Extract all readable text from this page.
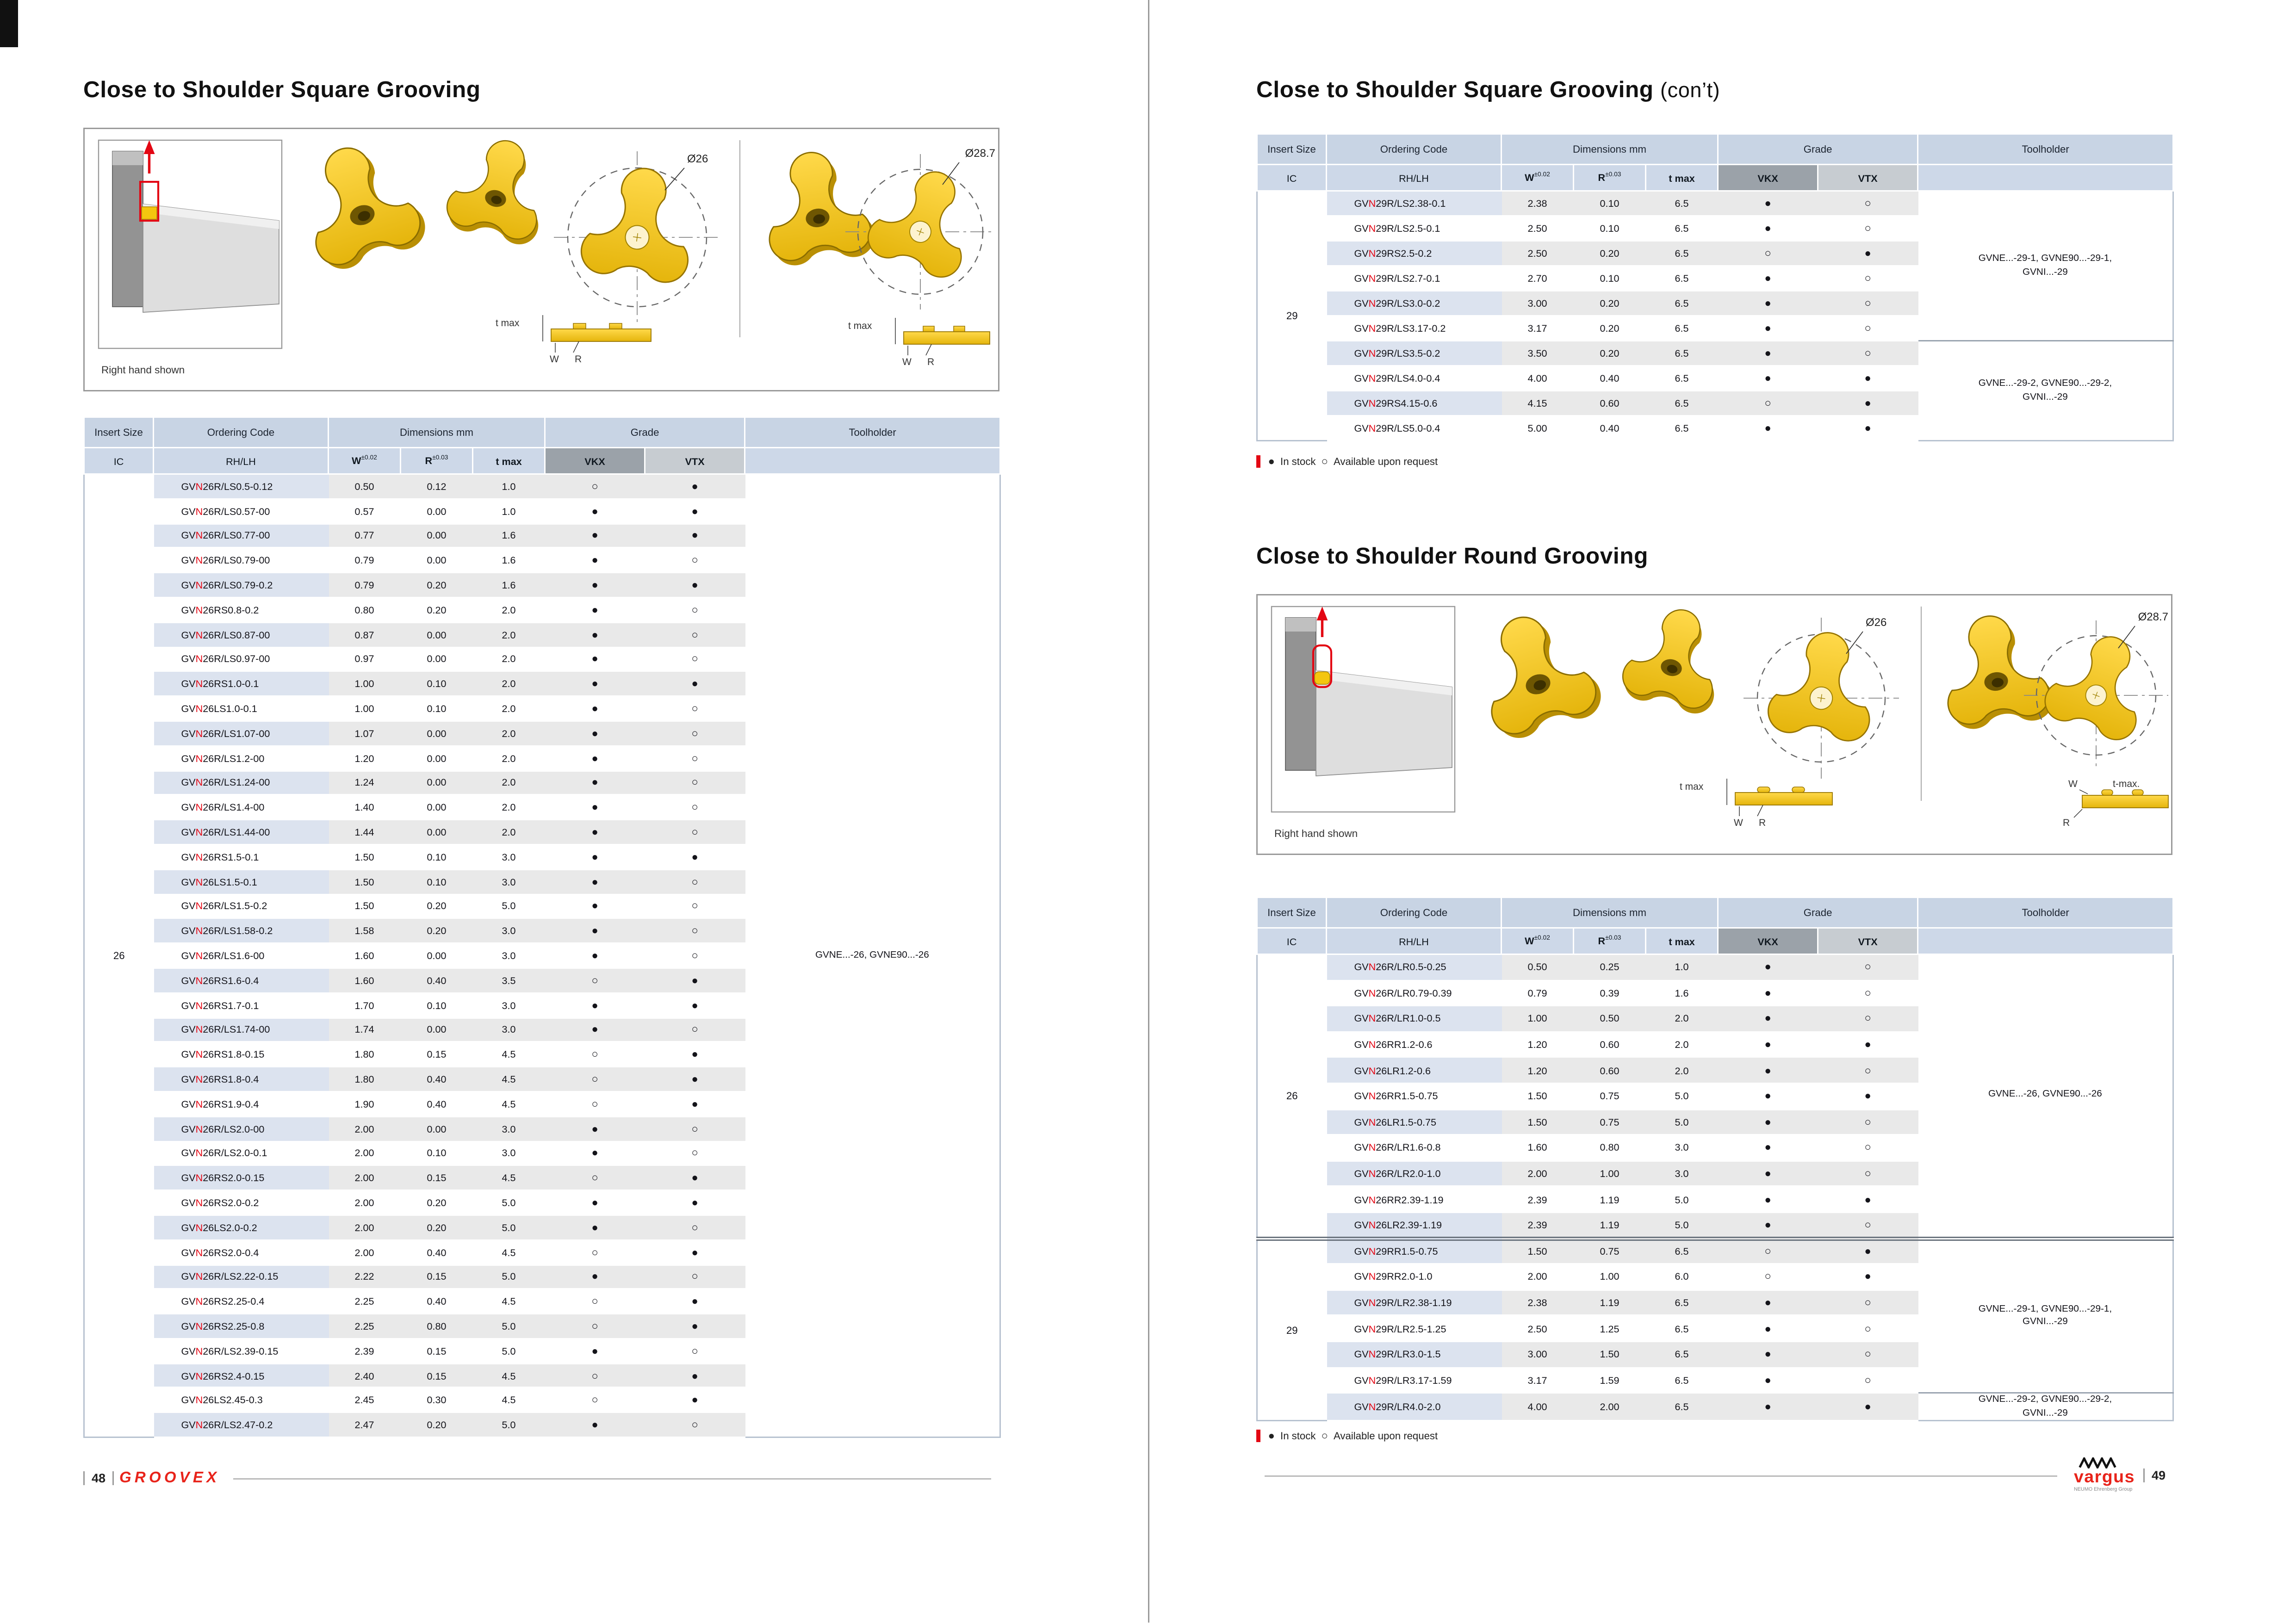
Close to Shoulder Square Grooving
Right hand shown
Ø26
t max
W	R
Ø28.7
t max
W	R
Insert Size	Ordering Code	Dimensions mm			Grade		Toolholder
IC	RH/LH	$W^{\pm 0.02}$	$R^{\pm 0.03}$	t max	VKX	VTX	
26	GVN26R/LS0.5-0.12	0.50	0.12	1.0	○	●	GVNE...-26, GVNE90...-26
	GVN26R/LS0.57-00	0.57	0.00	1.0	●	●	
	GVN26R/LS0.77-00	0.77	0.00	1.6	●	●	
	GVN26R/LS0.79-00	0.79	0.00	1.6	●	○	
	GVN26R/LS0.79-0.2	0.79	0.20	1.6	●	●	
	GVN26RS0.8-0.2	0.80	0.20	2.0	●	○	
	GVN26R/LS0.87-00	0.87	0.00	2.0	●	○	
	GVN26R/LS0.97-00	0.97	0.00	2.0	●	○	
	GVN26RS1.0-0.1	1.00	0.10	2.0	●	●	
	GVN26LS1.0-0.1	1.00	0.10	2.0	●	○	
	GVN26R/LS1.07-00	1.07	0.00	2.0	●	○	
	GVN26R/LS1.2-00	1.20	0.00	2.0	●	○	
	GVN26R/LS1.24-00	1.24	0.00	2.0	●	○	
	GVN26R/LS1.4-00	1.40	0.00	2.0	●	○	
	GVN26R/LS1.44-00	1.44	0.00	2.0	●	○	
	GVN26RS1.5-0.1	1.50	0.10	3.0	●	●	
	GVN26LS1.5-0.1	1.50	0.10	3.0	●	○	
	GVN26R/LS1.5-0.2	1.50	0.20	5.0	●	○	
	GVN26R/LS1.58-0.2	1.58	0.20	3.0	●	○	
	GVN26R/LS1.6-00	1.60	0.00	3.0	●	○	
	GVN26RS1.6-0.4	1.60	0.40	3.5	○	●	
	GVN26RS1.7-0.1	1.70	0.10	3.0	●	●	
	GVN26R/LS1.74-00	1.74	0.00	3.0	●	○	
	GVN26RS1.8-0.15	1.80	0.15	4.5	○	●	
	GVN26RS1.8-0.4	1.80	0.40	4.5	○	●	
	GVN26RS1.9-0.4	1.90	0.40	4.5	○	●	
	GVN26R/LS2.0-00	2.00	0.00	3.0	●	○	
	GVN26R/LS2.0-0.1	2.00	0.10	3.0	●	○	
	GVN26RS2.0-0.15	2.00	0.15	4.5	○	●	
	GVN26RS2.0-0.2	2.00	0.20	5.0	●	●	
	GVN26LS2.0-0.2	2.00	0.20	5.0	●	○	
	GVN26RS2.0-0.4	2.00	0.40	4.5	○	●	
	GVN26R/LS2.22-0.15	2.22	0.15	5.0	●	○	
	GVN26RS2.25-0.4	2.25	0.40	4.5	○	●	
	GVN26RS2.25-0.8	2.25	0.80	5.0	○	●	
	GVN26R/LS2.39-0.15	2.39	0.15	5.0	●	○	
	GVN26RS2.4-0.15	2.40	0.15	4.5	○	●	
	GVN26LS2.45-0.3	2.45	0.30	4.5	○	●	
	GVN26R/LS2.47-0.2	2.47	0.20	5.0	●	○	
48	GROOVEX
Close to Shoulder Square Grooving (con’t)
Insert Size	Ordering Code	Dimensions mm			Grade		Toolholder
IC	RH/LH	$W^{\pm 0.02}$	$R^{\pm 0.03}$	t max	VKX	VTX	
29	GVN29R/LS2.38-0.1	2.38	0.10	6.5	●	○	GVNE...-29-1, GVNE90...-29-1,
GVNI...-29
	GVN29R/LS2.5-0.1	2.50	0.10	6.5	●	○	
	GVN29RS2.5-0.2	2.50	0.20	6.5	○	●	
	GVN29R/LS2.7-0.1	2.70	0.10	6.5	●	○	
	GVN29R/LS3.0-0.2	3.00	0.20	6.5	●	○	
	GVN29R/LS3.17-0.2	3.17	0.20	6.5	●	○	
	GVN29R/LS3.5-0.2	3.50	0.20	6.5	●	○	GVNE...-29-2, GVNE90...-29-2,
GVNI...-29
	GVN29R/LS4.0-0.4	4.00	0.40	6.5	●	●	
	GVN29RS4.15-0.6	4.15	0.60	6.5	○	●	
	GVN29R/LS5.0-0.4	5.00	0.40	6.5	●	●	
● In stock ○ Available upon request
Close to Shoulder Round Grooving
Right hand shown
Ø26
t max
W	R
Ø28.7
W	t-max.
R
Insert Size	Ordering Code	Dimensions mm			Grade		Toolholder
IC	RH/LH	$W^{\pm 0.02}$	$R^{\pm 0.03}$	t max	VKX	VTX	
26	GVN26R/LR0.5-0.25	0.50	0.25	1.0	●	○	GVNE...-26, GVNE90...-26
	GVN26R/LR0.79-0.39	0.79	0.39	1.6	●	○	
	GVN26R/LR1.0-0.5	1.00	0.50	2.0	●	○	
	GVN26RR1.2-0.6	1.20	0.60	2.0	●	●	
	GVN26LR1.2-0.6	1.20	0.60	2.0	●	○	
	GVN26RR1.5-0.75	1.50	0.75	5.0	●	●	
	GVN26LR1.5-0.75	1.50	0.75	5.0	●	○	
	GVN26R/LR1.6-0.8	1.60	0.80	3.0	●	○	
	GVN26R/LR2.0-1.0	2.00	1.00	3.0	●	○	
	GVN26RR2.39-1.19	2.39	1.19	5.0	●	●	
	GVN26LR2.39-1.19	2.39	1.19	5.0	●	○	
29	GVN29RR1.5-0.75	1.50	0.75	6.5	○	●	GVNE...-29-1, GVNE90...-29-1,
GVNI...-29
	GVN29RR2.0-1.0	2.00	1.00	6.0	○	●	
	GVN29R/LR2.38-1.19	2.38	1.19	6.5	●	○	
	GVN29R/LR2.5-1.25	2.50	1.25	6.5	●	○	
	GVN29R/LR3.0-1.5	3.00	1.50	6.5	●	○	
	GVN29R/LR3.17-1.59	3.17	1.59	6.5	●	○	
	GVN29R/LR4.0-2.0	4.00	2.00	6.5	●	●	GVNE...-29-2, GVNE90...-29-2,
GVNI...-29
● In stock ○ Available upon request
vargus
NEUMO Ehrenberg Group
49
